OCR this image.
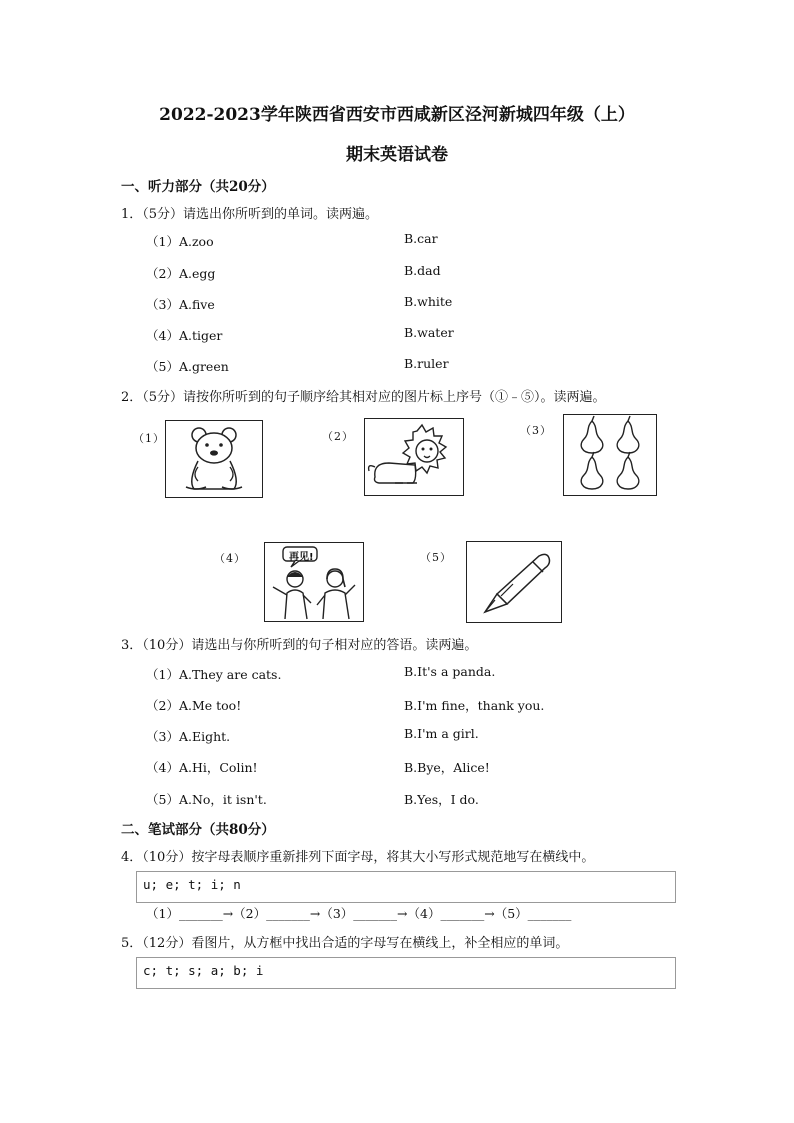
2022-2023学年陕西省西安市西咸新区泾河新城四年级（上）
期末英语试卷
一、听力部分（共20分）
1．（5分）请选出你所听到的单词。读两遍。
（1）A.zoo	B.car
（2）A.egg	B.dad
（3）A.five	B.white
（4）A.tiger	B.water
（5）A.green	B.ruler
2．（5分）请按你所听到的句子顺序给其相对应的图片标上序号（①﹣⑤）。读两遍。
（1）	（2）	（3）
（4）	再见!	（5）
3．（10分）请选出与你所听到的句子相对应的答语。读两遍。
（1）A.They are cats.	B.It's a panda.
（2）A.Me too!	B.I'm fine，thank you.
（3）A.Eight.	B.I'm a girl.
（4）A.Hi，Colin!	B.Bye，Alice!
（5）A.No，it isn't.	B.Yes，I do.
二、笔试部分（共80分）
4．（10分）按字母表顺序重新排列下面字母，将其大小写形式规范地写在横线中。
u; e; t; i; n
（1）_______→（2）_______→（3）_______→（4）_______→（5）_______
5．（12分）看图片，从方框中找出合适的字母写在横线上，补全相应的单词。
c; t; s; a; b; i
